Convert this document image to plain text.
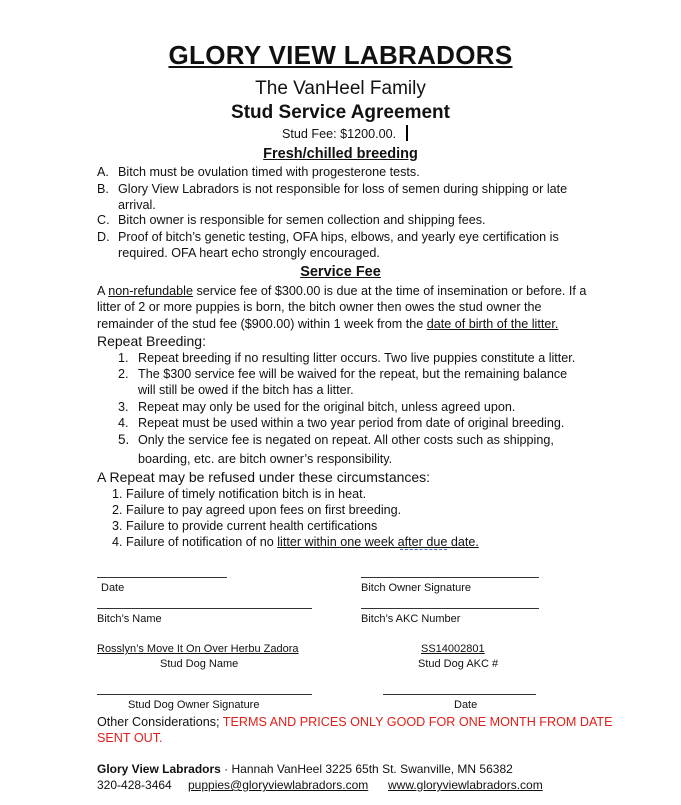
GLORY VIEW LABRADORS
The VanHeel Family
Stud Service Agreement
Stud Fee: $1200.00.
Fresh/chilled breeding
A. Bitch must be ovulation timed with progesterone tests.
B. Glory View Labradors is not responsible for loss of semen during shipping or late
arrival.
C. Bitch owner is responsible for semen collection and shipping fees.
D. Proof of bitch’s genetic testing, OFA hips, elbows, and yearly eye certification is
required. OFA heart echo strongly encouraged.
Service Fee
A non-refundable service fee of $300.00 is due at the time of insemination or before. If a
litter of 2 or more puppies is born, the bitch owner then owes the stud owner the
remainder of the stud fee ($900.00) within 1 week from the date of birth of the litter.
Repeat Breeding:
1. Repeat breeding if no resulting litter occurs. Two live puppies constitute a litter.
2. The $300 service fee will be waived for the repeat, but the remaining balance
will still be owed if the bitch has a litter.
3. Repeat may only be used for the original bitch, unless agreed upon.
4. Repeat must be used within a two year period from date of original breeding.
5. Only the service fee is negated on repeat. All other costs such as shipping,
boarding, etc. are bitch owner’s responsibility.
A Repeat may be refused under these circumstances:
1. Failure of timely notification bitch is in heat.
2. Failure to pay agreed upon fees on first breeding.
3. Failure to provide current health certifications
4. Failure of notification of no litter within one week after due date.
Date	Bitch Owner Signature
Bitch’s Name	Bitch’s AKC Number
Rosslyn’s Move It On Over Herbu Zadora	SS14002801
Stud Dog Name	Stud Dog AKC #
Stud Dog Owner Signature	Date
Other Considerations; TERMS AND PRICES ONLY GOOD FOR ONE MONTH FROM DATE
SENT OUT.
Glory View Labradors · Hannah VanHeel 3225 65th St. Swanville, MN 56382
320-428-3464 puppies@gloryviewlabradors.com www.gloryviewlabradors.com
